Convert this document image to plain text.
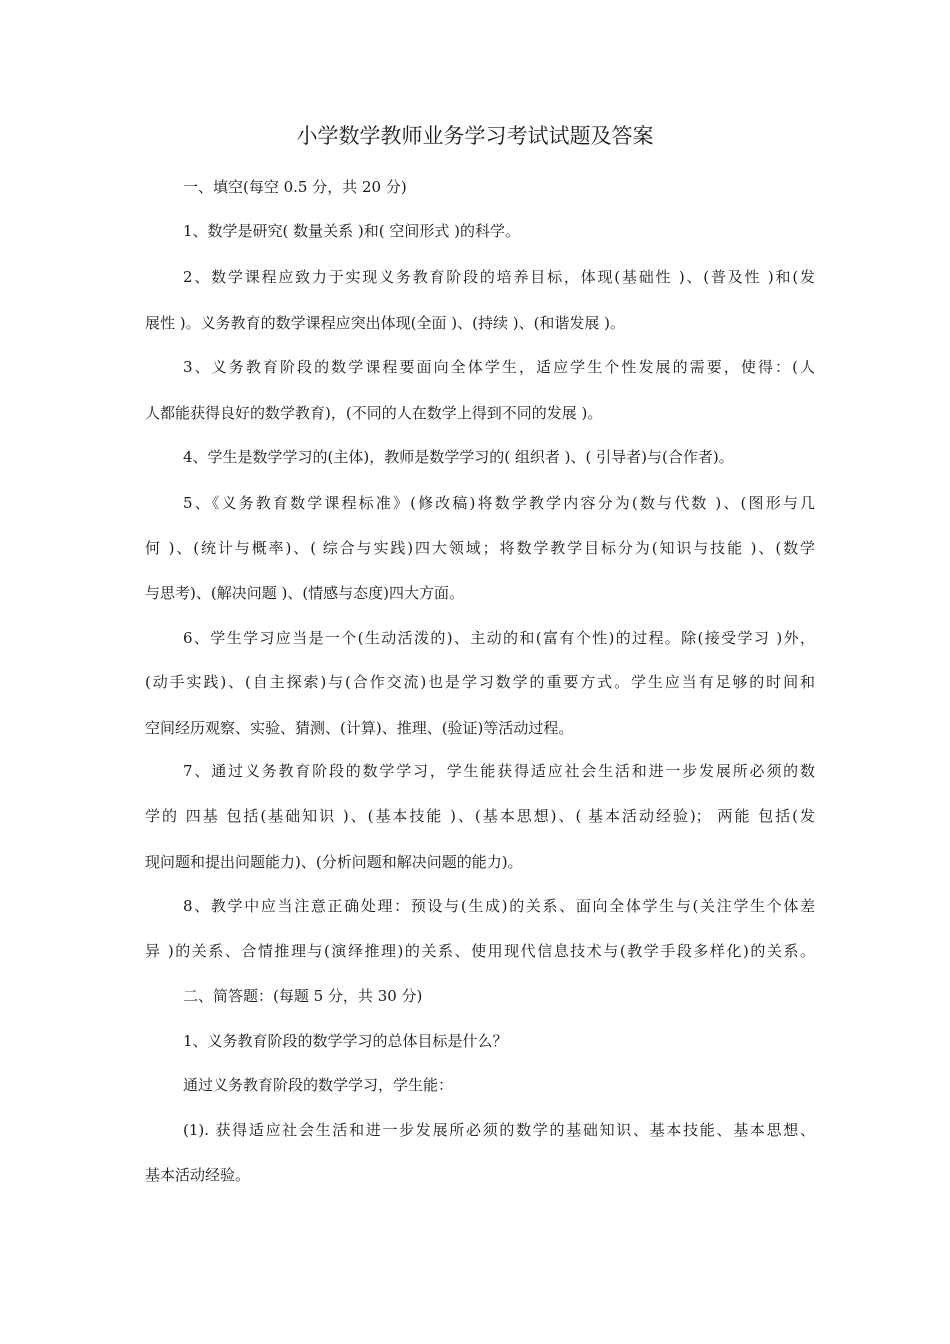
小学数学教师业务学习考试试题及答案
一、填空(每空 0.5 分，共 20 分)
1、数学是研究( 数量关系 )和( 空间形式 )的科学。
2、数学课程应致力于实现义务教育阶段的培养目标，体现(基础性 )、(普及性 )和(发
展性 )。义务教育的数学课程应突出体现(全面 )、(持续 )、(和谐发展 )。
3、义务教育阶段的数学课程要面向全体学生，适应学生个性发展的需要，使得：(人
人都能获得良好的数学教育)，(不同的人在数学上得到不同的发展 )。
4、学生是数学学习的(主体)，教师是数学学习的( 组织者 )、( 引导者)与(合作者)。
5、《义务教育数学课程标准》(修改稿)将数学教学内容分为(数与代数 )、(图形与几
何 )、(统计与概率)、( 综合与实践)四大领域；将数学教学目标分为(知识与技能 )、(数学
与思考)、(解决问题 )、(情感与态度)四大方面。
6、学生学习应当是一个(生动活泼的)、主动的和(富有个性)的过程。除(接受学习 )外，
(动手实践)、(自主探索)与(合作交流)也是学习数学的重要方式。学生应当有足够的时间和
空间经历观察、实验、猜测、(计算)、推理、(验证)等活动过程。
7、通过义务教育阶段的数学学习，学生能获得适应社会生活和进一步发展所必须的数
学的 四基 包括(基础知识 )、(基本技能 )、(基本思想)、( 基本活动经验)； 两能 包括(发
现问题和提出问题能力)、(分析问题和解决问题的能力)。
8、教学中应当注意正确处理：预设与(生成)的关系、面向全体学生与(关注学生个体差
异 )的关系、合情推理与(演绎推理)的关系、使用现代信息技术与(教学手段多样化)的关系。
二、简答题：(每题 5 分，共 30 分)
1、义务教育阶段的数学学习的总体目标是什么？
通过义务教育阶段的数学学习，学生能：
(1). 获得适应社会生活和进一步发展所必须的数学的基础知识、基本技能、基本思想、
基本活动经验。
